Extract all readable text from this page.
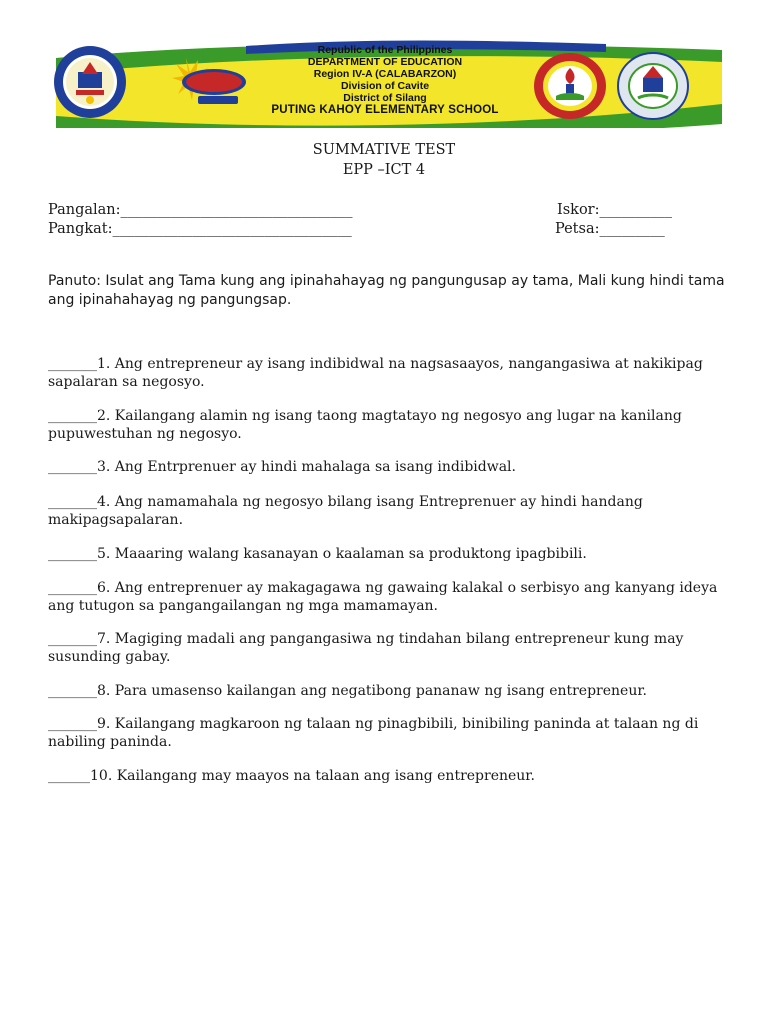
Republic of the Philippines
DEPARTMENT OF EDUCATION
Region IV-A (CALABARZON)
Division of Cavite
District of Silang
PUTING KAHOY ELEMENTARY SCHOOL
SUMMATIVE TEST
EPP –ICT 4
Pangalan:________________________________
Pangkat:_________________________________
Iskor:__________
Petsa:_________
Panuto: Isulat ang Tama kung ang ipinahahayag ng pangungusap ay tama, Mali kung hindi tama ang ipinahahayag ng pangungsap.
_______1. Ang entrepreneur ay isang indibidwal na nagsasaayos, nangangasiwa at nakikipag sapalaran sa negosyo.
_______2. Kailangang alamin ng isang taong magtatayo ng negosyo ang lugar na kanilang pupuwestuhan ng negosyo.
_______3. Ang Entrprenuer ay hindi mahalaga sa isang indibidwal.
_______4. Ang namamahala ng negosyo bilang isang Entreprenuer ay hindi handang makipagsapalaran.
_______5. Maaaring walang kasanayan o kaalaman sa produktong ipagbibili.
_______6. Ang entreprenuer ay makagagawa ng gawaing kalakal o serbisyo ang kanyang ideya ang tutugon sa pangangailangan ng mga mamamayan.
_______7. Magiging madali ang pangangasiwa ng tindahan bilang entrepreneur kung may susunding gabay.
_______8. Para umasenso kailangan ang negatibong pananaw ng isang entrepreneur.
_______9. Kailangang magkaroon ng talaan ng pinagbibili, binibiling paninda at talaan ng di nabiling paninda.
______10. Kailangang may maayos na talaan ang isang entrepreneur.
